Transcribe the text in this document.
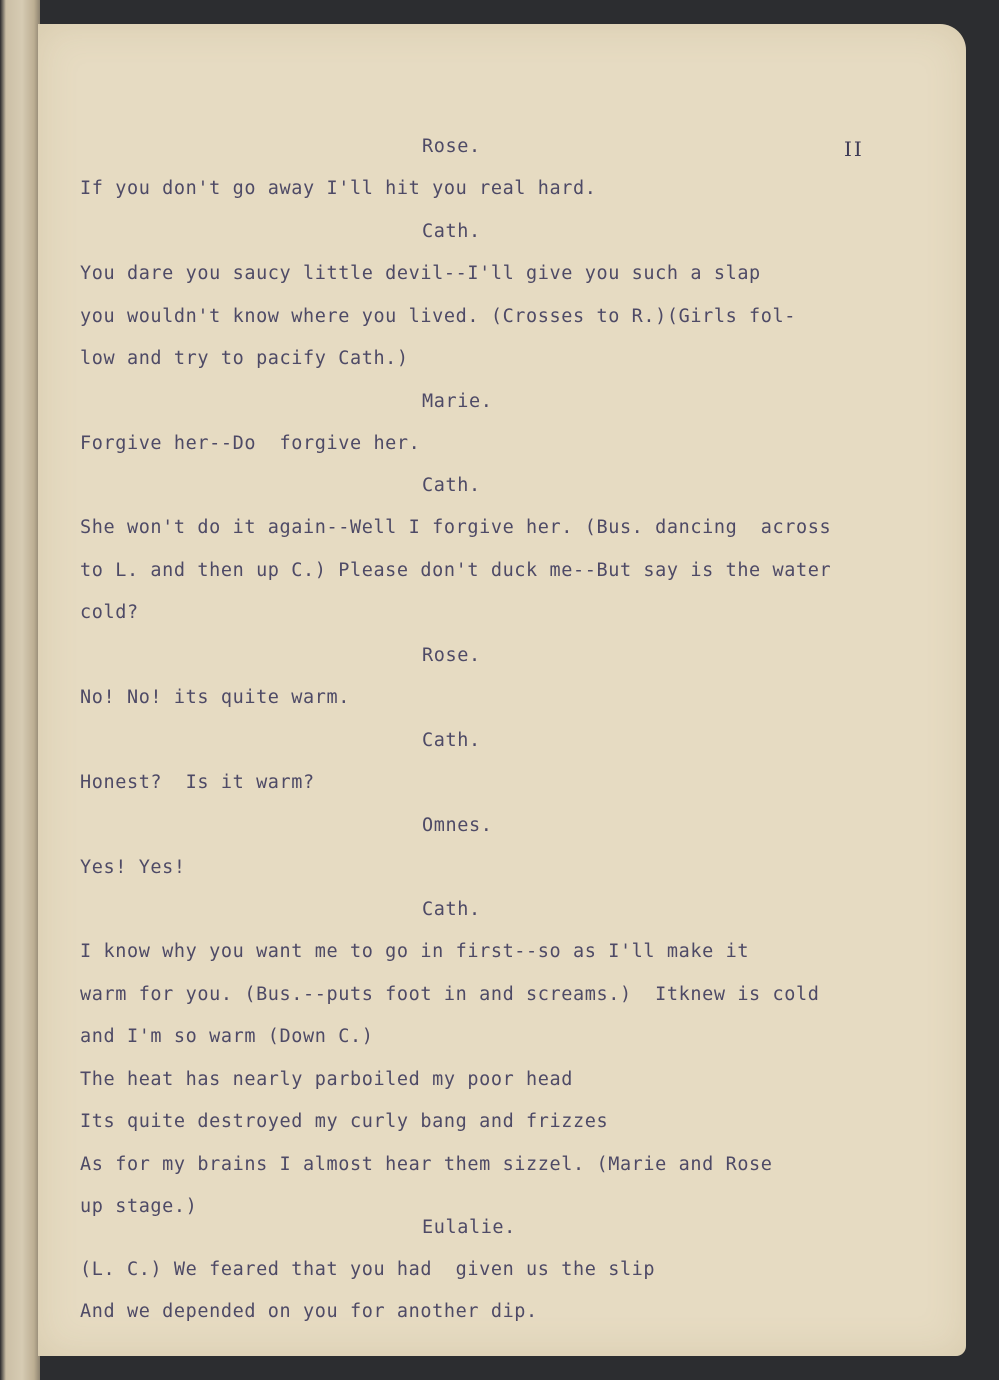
II
Rose.
If you don't go away I'll hit you real hard.
Cath.
You dare you saucy little devil--I'll give you such a slap
you wouldn't know where you lived. (Crosses to R.)(Girls fol-
low and try to pacify Cath.)
Marie.
Forgive her--Do  forgive her.
Cath.
She won't do it again--Well I forgive her. (Bus. dancing  across
to L. and then up C.) Please don't duck me--But say is the water
cold?
Rose.
No! No! its quite warm.
Cath.
Honest?  Is it warm?
Omnes.
Yes! Yes!
Cath.
I know why you want me to go in first--so as I'll make it
warm for you. (Bus.--puts foot in and screams.)  Itknew is cold
and I'm so warm (Down C.)
The heat has nearly parboiled my poor head
Its quite destroyed my curly bang and frizzes
As for my brains I almost hear them sizzel. (Marie and Rose
up stage.)
Eulalie.
(L. C.) We feared that you had  given us the slip
And we depended on you for another dip.
